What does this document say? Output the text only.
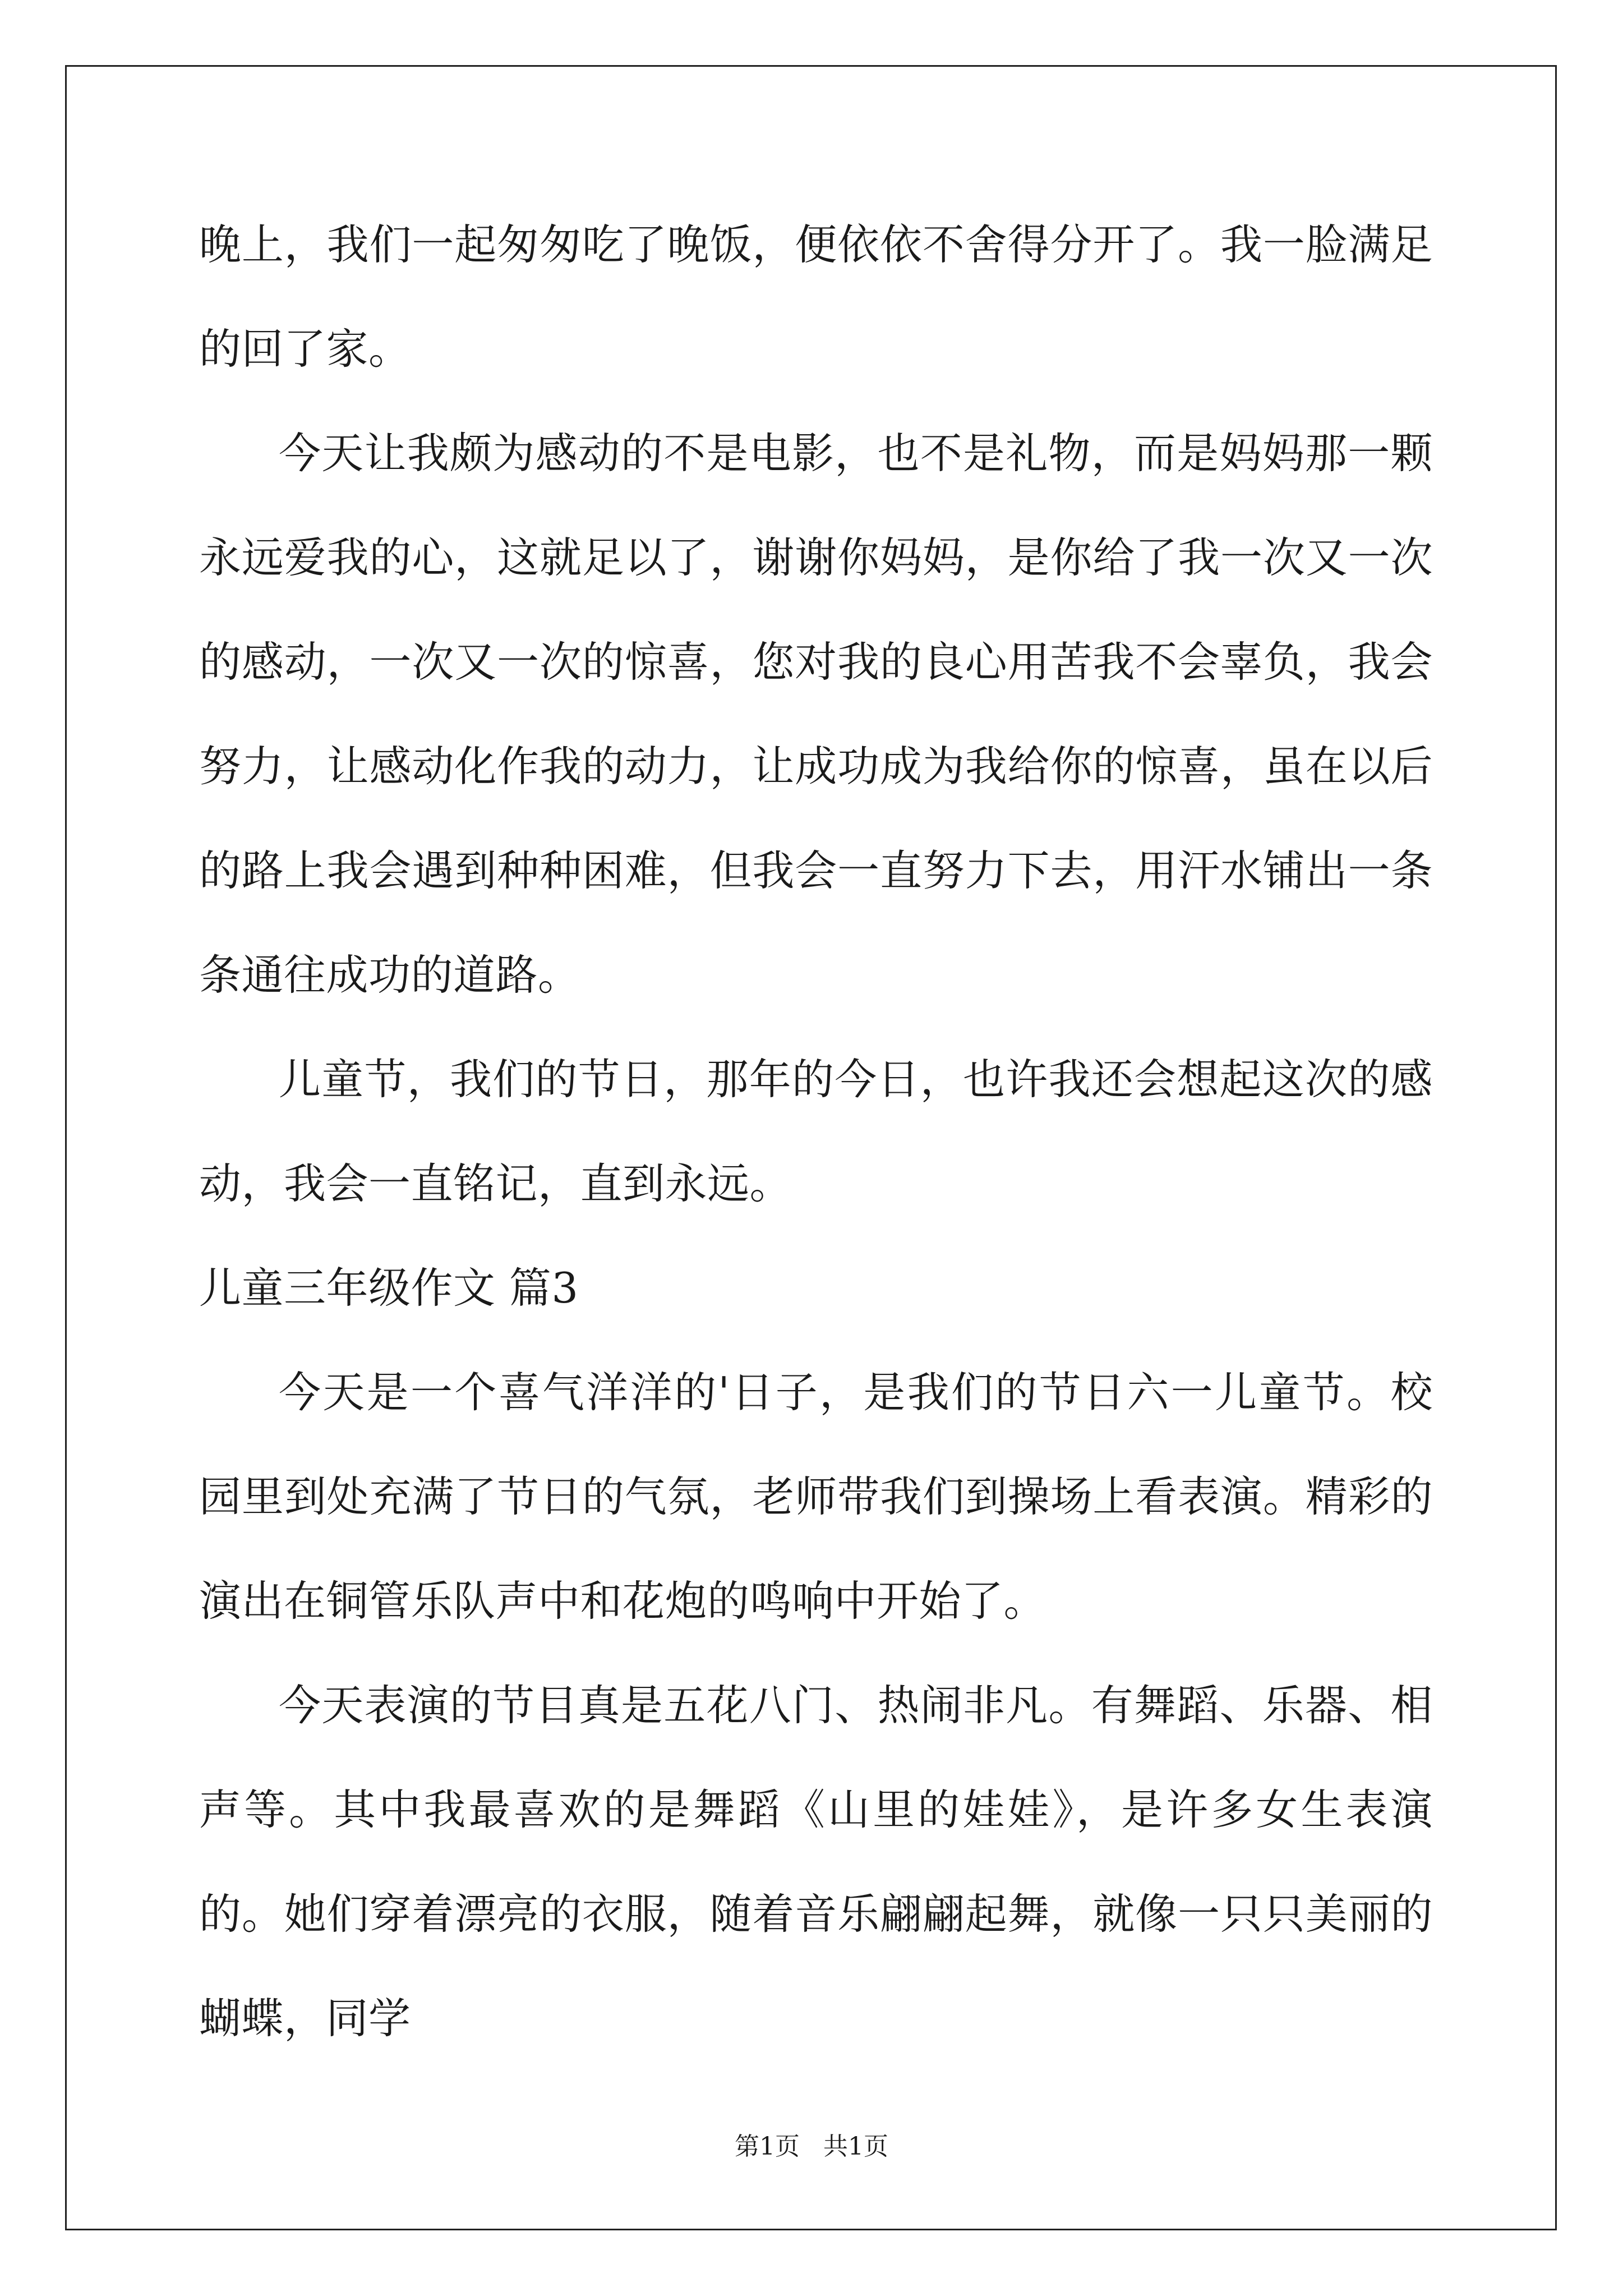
晚上，我们一起匆匆吃了晚饭，便依依不舍得分开了。我一脸满足的回了家。

今天让我颇为感动的不是电影，也不是礼物，而是妈妈那一颗永远爱我的心，这就足以了，谢谢你妈妈，是你给了我一次又一次的感动，一次又一次的惊喜，您对我的良心用苦我不会辜负，我会努力，让感动化作我的动力，让成功成为我给你的惊喜，虽在以后的路上我会遇到种种困难，但我会一直努力下去，用汗水铺出一条条通往成功的道路。

儿童节，我们的节日，那年的今日，也许我还会想起这次的感动，我会一直铭记，直到永远。

儿童三年级作文 篇3

今天是一个喜气洋洋的'日子，是我们的节日六一儿童节。校园里到处充满了节日的气氛，老师带我们到操场上看表演。精彩的演出在铜管乐队声中和花炮的鸣响中开始了。

今天表演的节目真是五花八门、热闹非凡。有舞蹈、乐器、相声等。其中我最喜欢的是舞蹈《山里的娃娃》，是许多女生表演的。她们穿着漂亮的衣服，随着音乐翩翩起舞，就像一只只美丽的蝴蝶，同学

第1页 共1页
